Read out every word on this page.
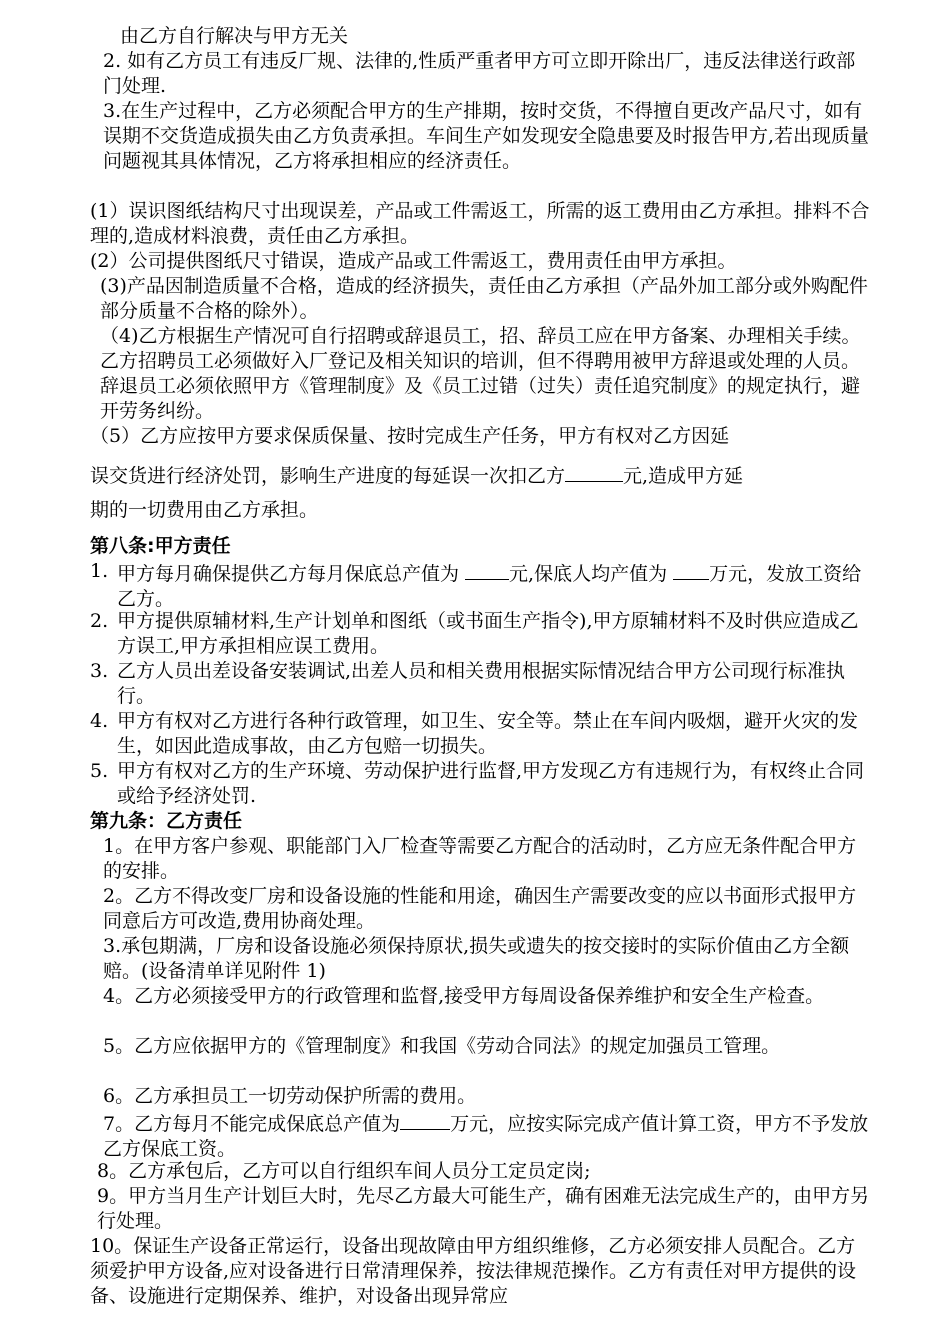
由乙方自行解决与甲方无关
2. 如有乙方员工有违反厂规、法律的,性质严重者甲方可立即开除出厂，违反法律送行政部门处理.
3.在生产过程中，乙方必须配合甲方的生产排期，按时交货，不得擅自更改产品尺寸，如有误期不交货造成损失由乙方负责承担。车间生产如发现安全隐患要及时报告甲方,若出现质量问题视其具体情况，乙方将承担相应的经济责任。
(1）误识图纸结构尺寸出现误差，产品或工件需返工，所需的返工费用由乙方承担。排料不合理的,造成材料浪费，责任由乙方承担。
(2）公司提供图纸尺寸错误，造成产品或工件需返工，费用责任由甲方承担。
(3)产品因制造质量不合格，造成的经济损失，责任由乙方承担（产品外加工部分或外购配件部分质量不合格的除外）。
（4)乙方根据生产情况可自行招聘或辞退员工，招、辞员工应在甲方备案、办理相关手续。乙方招聘员工必须做好入厂登记及相关知识的培训，但不得聘用被甲方辞退或处理的人员。辞退员工必须依照甲方《管理制度》及《员工过错（过失）责任追究制度》的规定执行，避开劳务纠纷。
（5）乙方应按甲方要求保质保量、按时完成生产任务，甲方有权对乙方因延
误交货进行经济处罚，影响生产进度的每延误一次扣乙方	元,造成甲方延
期的一切费用由乙方承担。
第八条:甲方责任
1. 甲方每月确保提供乙方每月保底总产值为 元,保底人均产值为 万元，发放工资给乙方。
2. 甲方提供原辅材料,生产计划单和图纸（或书面生产指令),甲方原辅材料不及时供应造成乙方误工,甲方承担相应误工费用。
3. 乙方人员出差设备安装调试,出差人员和相关费用根据实际情况结合甲方公司现行标准执行。
4. 甲方有权对乙方进行各种行政管理，如卫生、安全等。禁止在车间内吸烟，避开火灾的发生，如因此造成事故，由乙方包赔一切损失。
5. 甲方有权对乙方的生产环境、劳动保护进行监督,甲方发现乙方有违规行为，有权终止合同或给予经济处罚.
第九条：乙方责任
1。在甲方客户参观、职能部门入厂检查等需要乙方配合的活动时，乙方应无条件配合甲方的安排。
2。乙方不得改变厂房和设备设施的性能和用途，确因生产需要改变的应以书面形式报甲方同意后方可改造,费用协商处理。
3.承包期满，厂房和设备设施必须保持原状,损失或遗失的按交接时的实际价值由乙方全额赔。(设备清单详见附件 1)
4。乙方必须接受甲方的行政管理和监督,接受甲方每周设备保养维护和安全生产检查。
5。乙方应依据甲方的《管理制度》和我国《劳动合同法》的规定加强员工管理。
6。乙方承担员工一切劳动保护所需的费用。
7。乙方每月不能完成保底总产值为	万元，应按实际完成产值计算工资，甲方不予发放乙方保底工资。
8。乙方承包后，乙方可以自行组织车间人员分工定员定岗;
9。甲方当月生产计划巨大时，先尽乙方最大可能生产，确有困难无法完成生产的，由甲方另行处理。
10。保证生产设备正常运行，设备出现故障由甲方组织维修，乙方必须安排人员配合。乙方须爱护甲方设备,应对设备进行日常清理保养，按法律规范操作。乙方有责任对甲方提供的设备、设施进行定期保养、维护，对设备出现异常应
